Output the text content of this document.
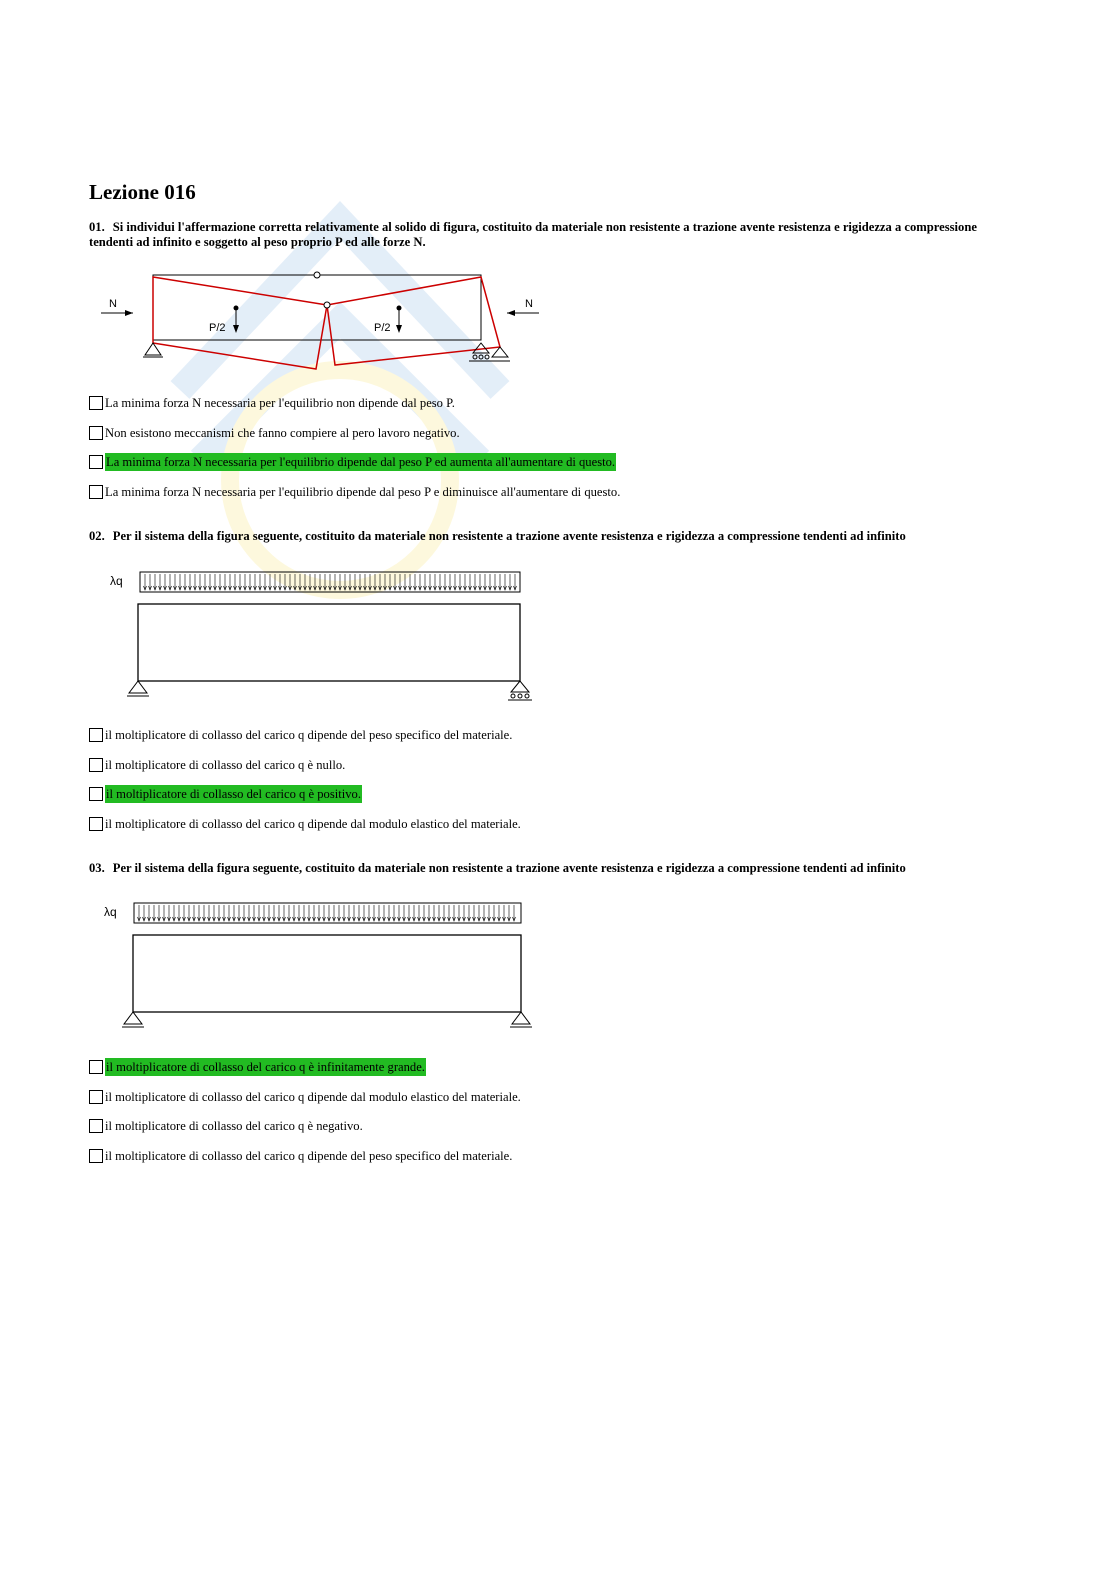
Lezione 016

01. Si individui l'affermazione corretta relativamente al solido di figura, costituito da materiale non resistente a trazione avente resistenza e rigidezza a compressione tendenti ad infinito e soggetto al peso proprio P ed alle forze N.

N	N
P/2	P/2
La minima forza N necessaria per l'equilibrio non dipende dal peso P.
Non esistono meccanismi che fanno compiere al pero lavoro negativo.
La minima forza N necessaria per l'equilibrio dipende dal peso P ed aumenta all'aumentare di questo.
La minima forza N necessaria per l'equilibrio dipende dal peso P e diminuisce all'aumentare di questo.

02. Per il sistema della figura seguente, costituito da materiale non resistente a trazione avente resistenza e rigidezza a compressione tendenti ad infinito

λq
il moltiplicatore di collasso del carico q dipende del peso specifico del materiale.
il moltiplicatore di collasso del carico q è nullo.
il moltiplicatore di collasso del carico q è positivo.
il moltiplicatore di collasso del carico q dipende dal modulo elastico del materiale.

03. Per il sistema della figura seguente, costituito da materiale non resistente a trazione avente resistenza e rigidezza a compressione tendenti ad infinito

λq
il moltiplicatore di collasso del carico q è infinitamente grande.
il moltiplicatore di collasso del carico q dipende dal modulo elastico del materiale.
il moltiplicatore di collasso del carico q è negativo.
il moltiplicatore di collasso del carico q dipende del peso specifico del materiale.
